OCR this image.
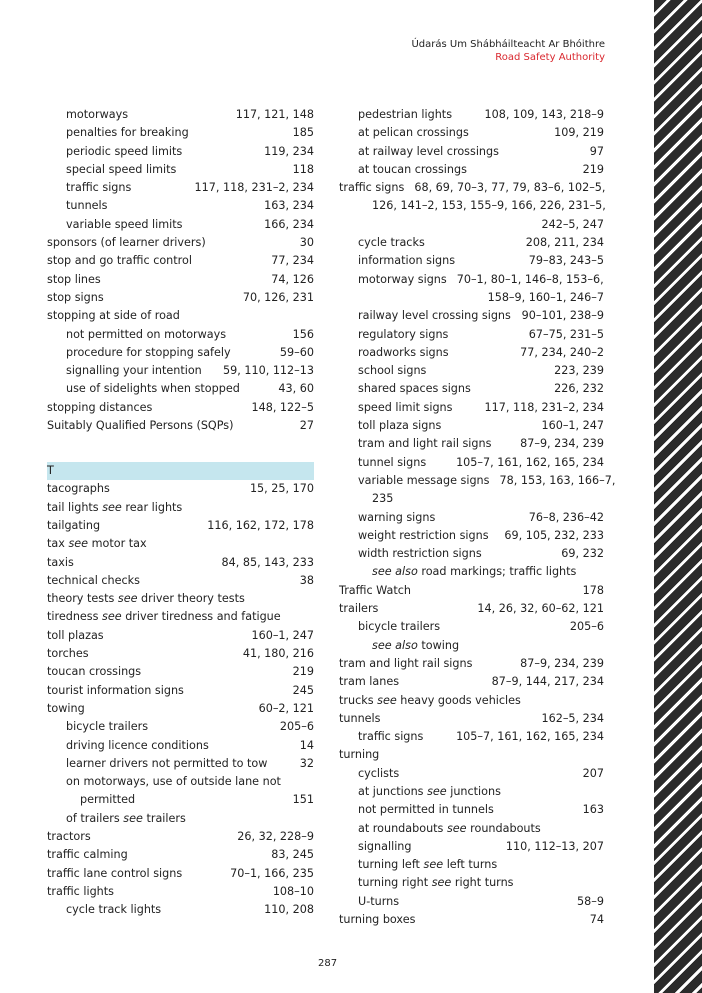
Údarás Um Shábháilteacht Ar Bhóithre
Road Safety Authority
motorways	117, 121, 148
penalties for breaking	185
periodic speed limits	119, 234
special speed limits	118
traffic signs	117, 118, 231–2, 234
tunnels	163, 234
variable speed limits	166, 234
sponsors (of learner drivers)	30
stop and go traffic control	77, 234
stop lines	74, 126
stop signs	70, 126, 231
stopping at side of road
not permitted on motorways	156
procedure for stopping safely	59–60
signalling your intention 59, 110, 112–13
use of sidelights when stopped	43, 60
stopping distances	148, 122–5
Suitably Qualified Persons (SQPs)	27
T
tacographs	15, 25, 170
tail lights see rear lights
tailgating	116, 162, 172, 178
tax see motor tax
taxis	84, 85, 143, 233
technical checks	38
theory tests see driver theory tests
tiredness see driver tiredness and fatigue
toll plazas	160–1, 247
torches	41, 180, 216
toucan crossings	219
tourist information signs	245
towing	60–2, 121
bicycle trailers	205–6
driving licence conditions	14
learner drivers not permitted to tow	32
on motorways, use of outside lane not
permitted	151
of trailers see trailers
tractors	26, 32, 228–9
traffic calming	83, 245
traffic lane control signs	70–1, 166, 235
traffic lights	108–10
cycle track lights	110, 208
pedestrian lights	108, 109, 143, 218–9
at pelican crossings	109, 219
at railway level crossings	97
at toucan crossings	219
traffic signs 68, 69, 70–3, 77, 79, 83–6, 102–5,
126, 141–2, 153, 155–9, 166, 226, 231–5,
242–5, 247
cycle tracks	208, 211, 234
information signs	79–83, 243–5
motorway signs 70–1, 80–1, 146–8, 153–6,
158–9, 160–1, 246–7
railway level crossing signs 90–101, 238–9
regulatory signs	67–75, 231–5
roadworks signs	77, 234, 240–2
school signs	223, 239
shared spaces signs	226, 232
speed limit signs	117, 118, 231–2, 234
toll plaza signs	160–1, 247
tram and light rail signs	87–9, 234, 239
tunnel signs	105–7, 161, 162, 165, 234
variable message signs 78, 153, 163, 166–7,
235
warning signs	76–8, 236–42
weight restriction signs 69, 105, 232, 233
width restriction signs	69, 232
see also road markings; traffic lights
Traffic Watch	178
trailers	14, 26, 32, 60–62, 121
bicycle trailers	205–6
see also towing
tram and light rail signs	87–9, 234, 239
tram lanes	87–9, 144, 217, 234
trucks see heavy goods vehicles
tunnels	162–5, 234
traffic signs	105–7, 161, 162, 165, 234
turning
cyclists	207
at junctions see junctions
not permitted in tunnels	163
at roundabouts see roundabouts
signalling	110, 112–13, 207
turning left see left turns
turning right see right turns
U-turns	58–9
turning boxes	74
287
